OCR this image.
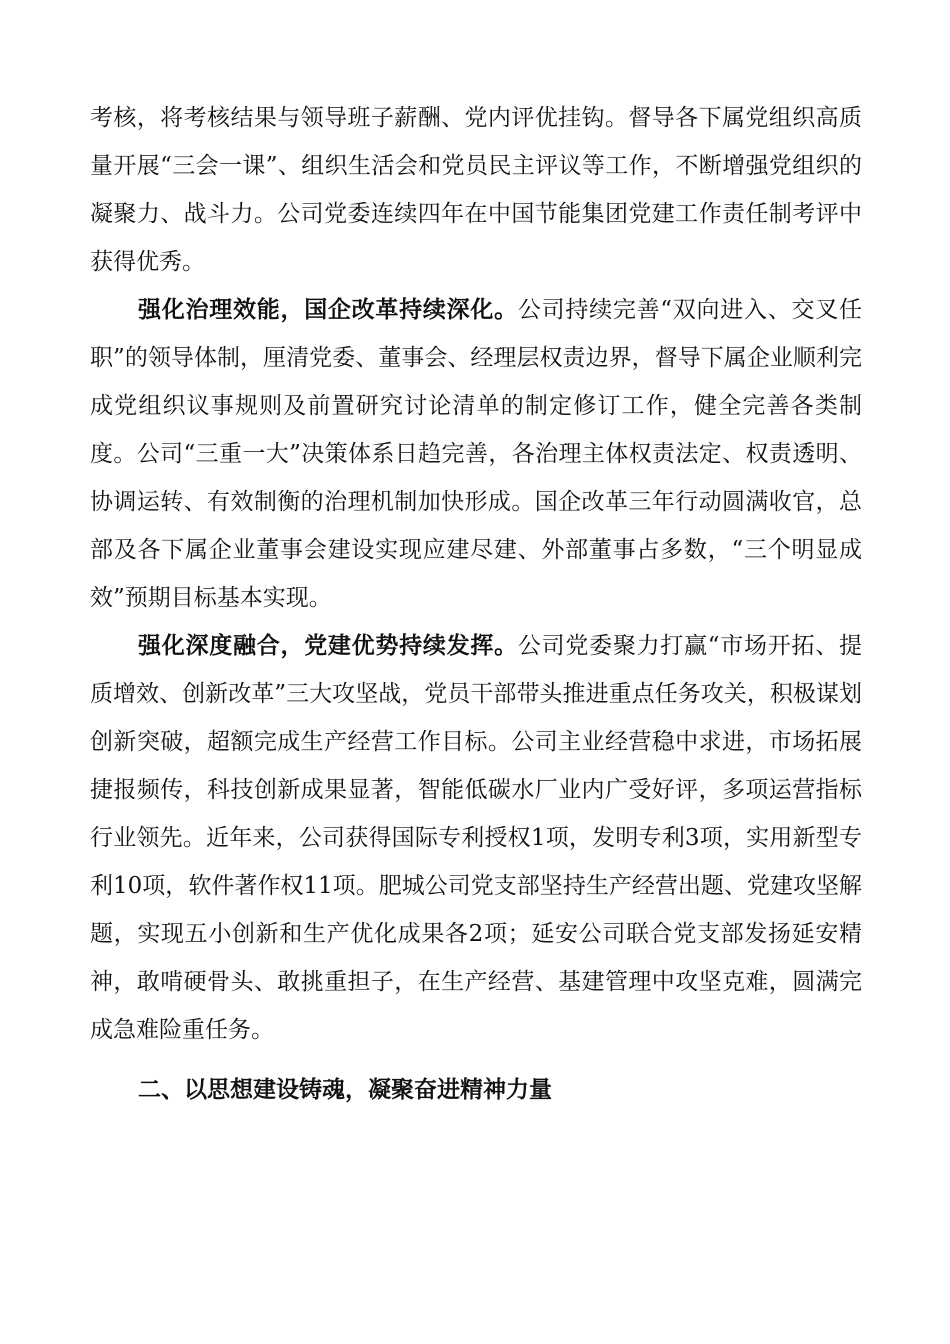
考核，将考核结果与领导班子薪酬、党内评优挂钩。督导各下属党组织高质量开展“三会一课”、组织生活会和党员民主评议等工作，不断增强党组织的凝聚力、战斗力。公司党委连续四年在中国节能集团党建工作责任制考评中获得优秀。

强化治理效能，国企改革持续深化。公司持续完善“双向进入、交叉任职”的领导体制，厘清党委、董事会、经理层权责边界，督导下属企业顺利完成党组织议事规则及前置研究讨论清单的制定修订工作，健全完善各类制度。公司“三重一大”决策体系日趋完善，各治理主体权责法定、权责透明、协调运转、有效制衡的治理机制加快形成。国企改革三年行动圆满收官，总部及各下属企业董事会建设实现应建尽建、外部董事占多数，“三个明显成效”预期目标基本实现。

强化深度融合，党建优势持续发挥。公司党委聚力打赢“市场开拓、提质增效、创新改革”三大攻坚战，党员干部带头推进重点任务攻关，积极谋划创新突破，超额完成生产经营工作目标。公司主业经营稳中求进，市场拓展捷报频传，科技创新成果显著，智能低碳水厂业内广受好评，多项运营指标行业领先。近年来，公司获得国际专利授权1项，发明专利3项，实用新型专利10项，软件著作权11项。肥城公司党支部坚持生产经营出题、党建攻坚解题，实现五小创新和生产优化成果各2项；延安公司联合党支部发扬延安精神，敢啃硬骨头、敢挑重担子，在生产经营、基建管理中攻坚克难，圆满完成急难险重任务。

二、以思想建设铸魂，凝聚奋进精神力量
